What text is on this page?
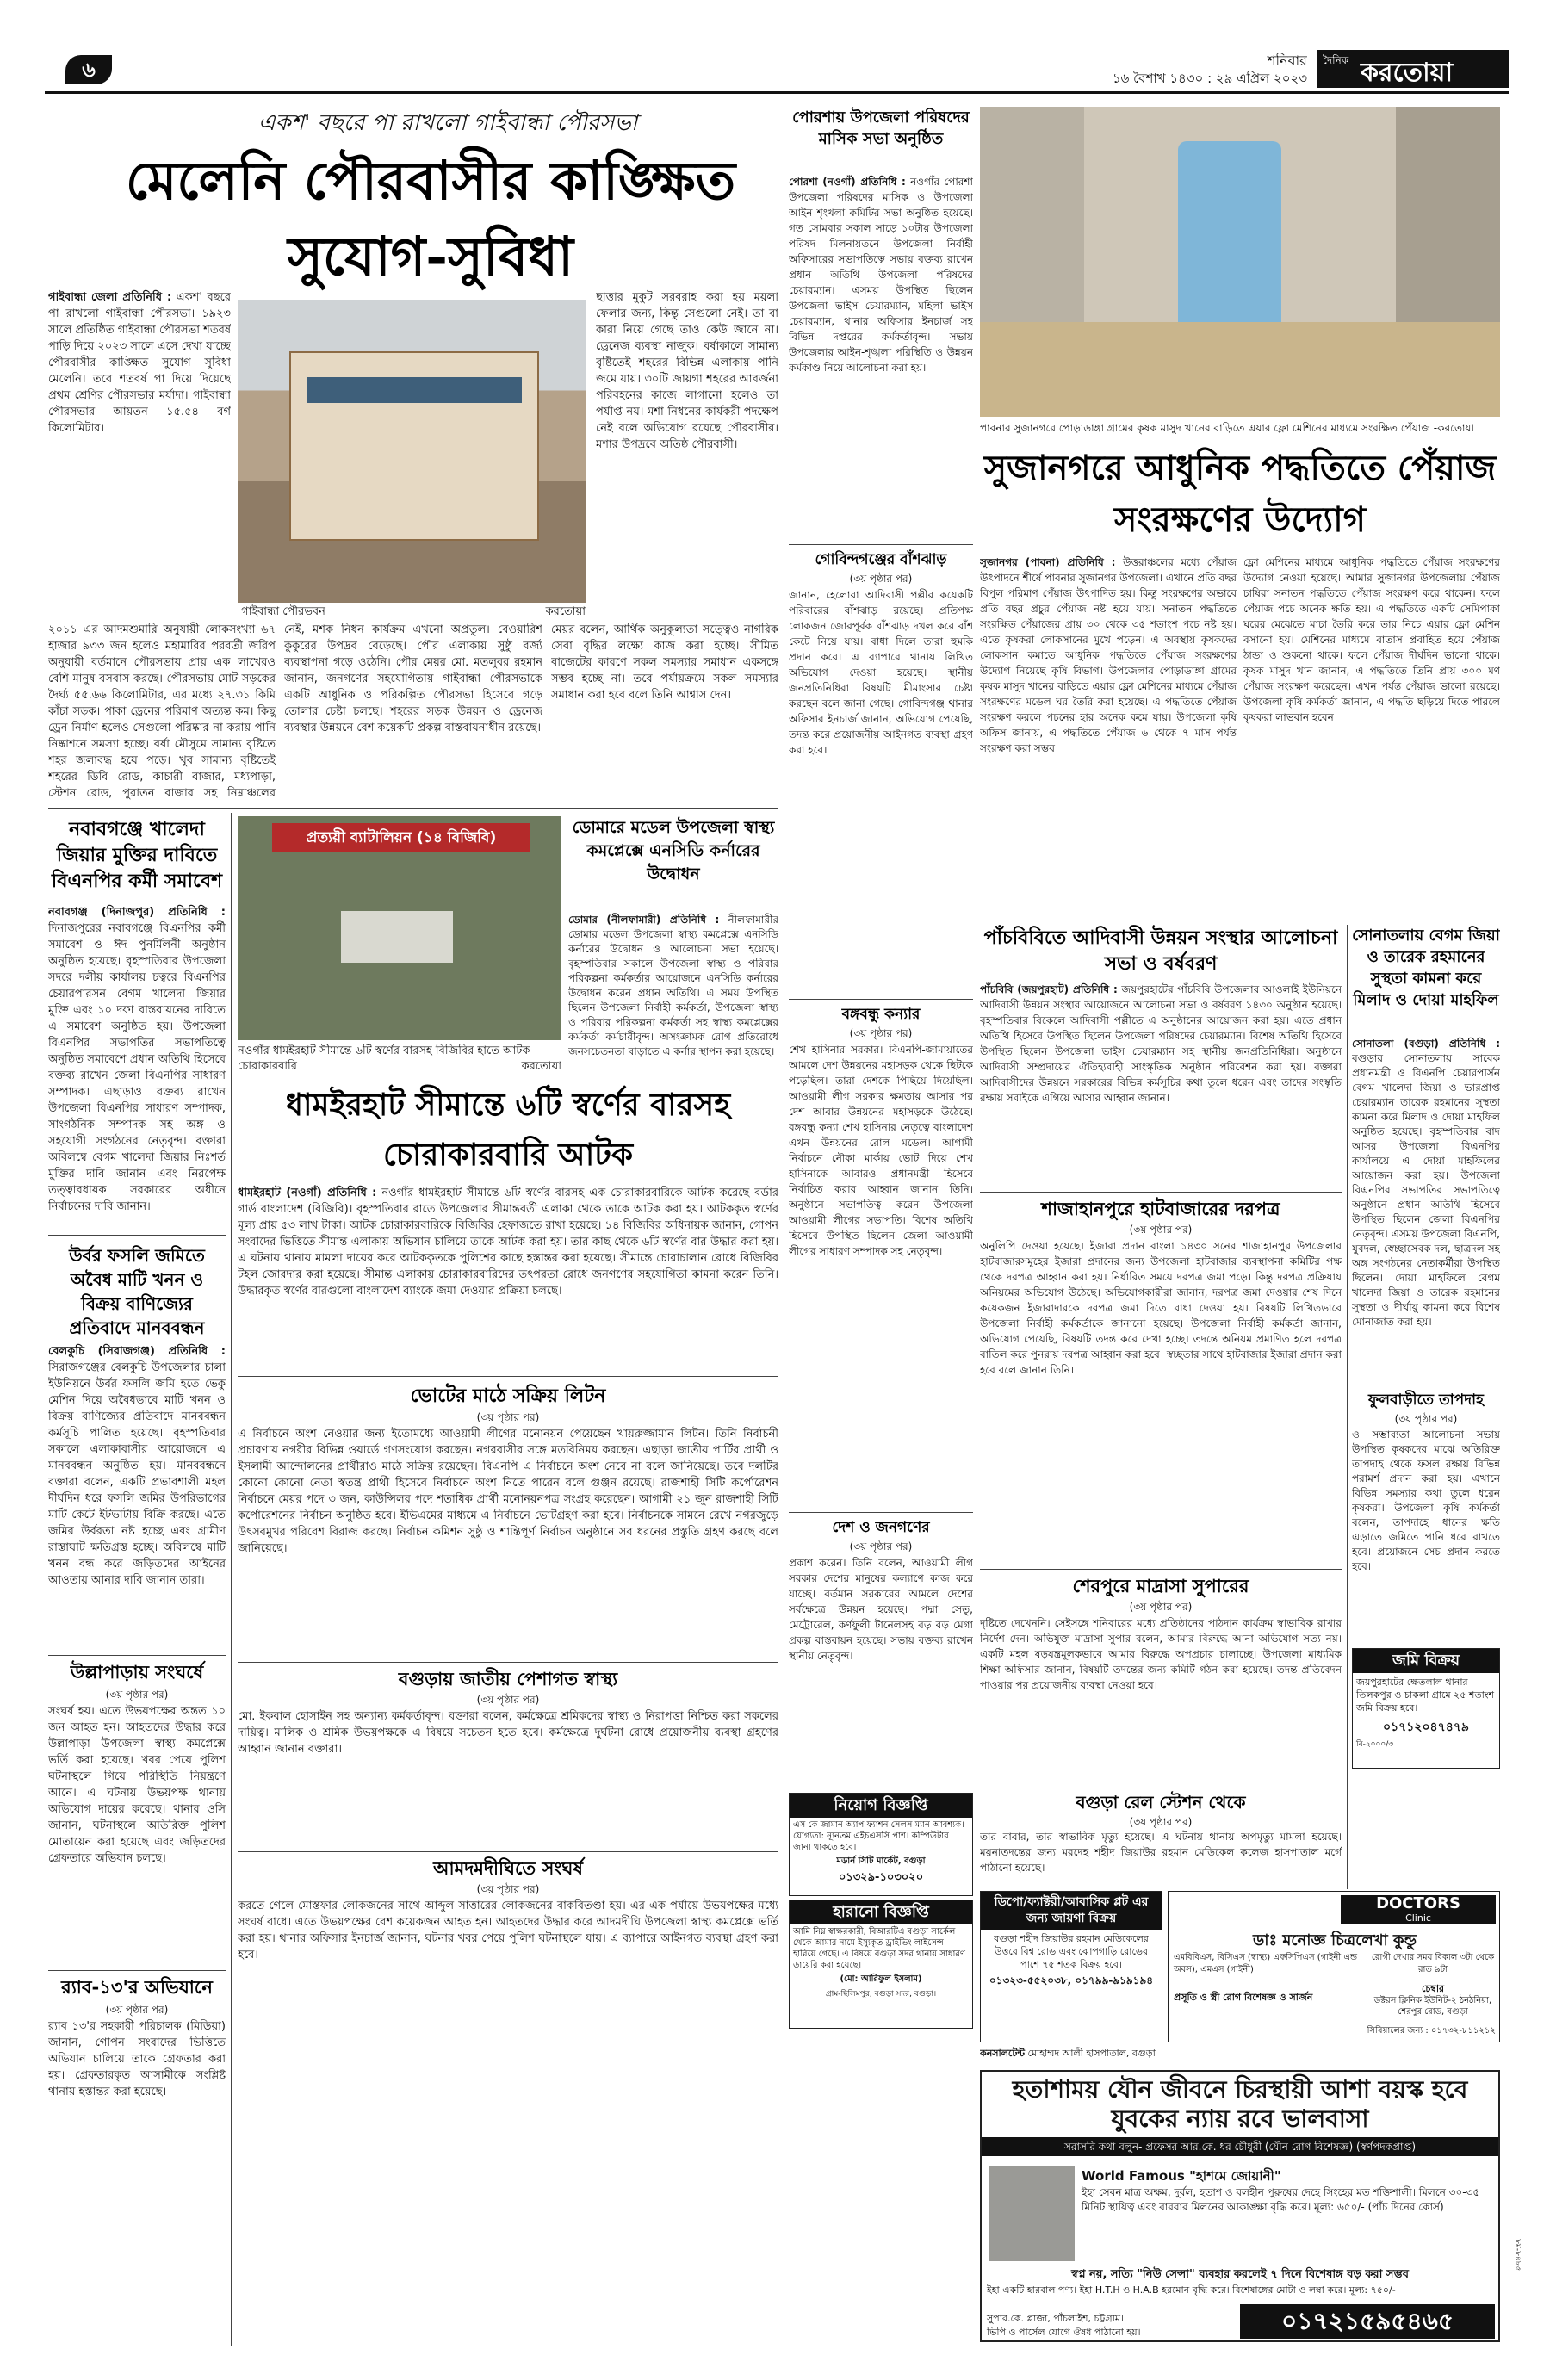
৬	শনিবার
১৬ বৈশাখ ১৪৩০ : ২৯ এপ্রিল ২০২৩
দৈনিক করতোয়া
একশ' বছরে পা রাখলো গাইবান্ধা পৌরসভা
মেলেনি পৌরবাসীর কাঙ্ক্ষিত সুযোগ-সুবিধা
গাইবান্ধা জেলা প্রতিনিধি : একশ' বছরে পা রাখলো গাইবান্ধা পৌরসভা। ১৯২৩ সালে প্রতিষ্ঠিত গাইবান্ধা পৌরসভা শতবর্ষ পাড়ি দিয়ে ২০২৩ সালে এসে দেখা যাচ্ছে পৌরবাসীর কাঙ্ক্ষিত সুযোগ সুবিধা মেলেনি। তবে শতবর্ষ পা দিয়ে দিয়েছে প্রথম শ্রেণির পৌরসভার মর্যাদা। গাইবান্ধা পৌরসভার আয়তন ১৫.৫৪ বর্গ কিলোমিটার।
গাইবান্ধা পৌরভবন	করতোয়া
ছাত্তার মুকুট সরবরাহ করা হয় ময়লা ফেলার জন্য, কিন্তু সেগুলো নেই। তা বা কারা নিয়ে গেছে তাও কেউ জানে না। ড্রেনেজ ব্যবস্থা নাজুক। বর্ষাকালে সামান্য বৃষ্টিতেই শহরের বিভিন্ন এলাকায় পানি জমে যায়। ৩০টি জায়গা শহরের আবর্জনা পরিবহনের কাজে লাগানো হলেও তা পর্যাপ্ত নয়। মশা নিধনের কার্যকরী পদক্ষেপ নেই বলে অভিযোগ রয়েছে পৌরবাসীর। মশার উপদ্রবে অতিষ্ঠ পৌরবাসী।
২০১১ এর আদমশুমারি অনুযায়ী লোকসংখ্যা ৬৭ হাজার ৯৩৩ জন হলেও মহামারির পরবর্তী জরিপ অনুযায়ী বর্তমানে পৌরসভায় প্রায় এক লাখেরও বেশি মানুষ বসবাস করছে। পৌরসভায় মোট সড়কের দৈর্ঘ্য ৫৫.৬৬ কিলোমিটার, এর মধ্যে ২৭.৩১ কিমি কাঁচা সড়ক। পাকা ড্রেনের পরিমাণ অত্যন্ত কম। কিছু ড্রেন নির্মাণ হলেও সেগুলো পরিষ্কার না করায় পানি নিষ্কাশনে সমস্যা হচ্ছে। বর্ষা মৌসুমে সামান্য বৃষ্টিতে শহর জলাবদ্ধ হয়ে পড়ে। খুব সামান্য বৃষ্টিতেই শহরের ডিবি রোড, কাচারী বাজার, মধ্যপাড়া, স্টেশন রোড, পুরাতন বাজার সহ নিম্নাঞ্চলের
নেই, মশক নিধন কার্যক্রম এখনো অপ্রতুল। বেওয়ারিশ কুকুরের উপদ্রব বেড়েছে। পৌর এলাকায় সুষ্ঠু বর্জ্য ব্যবস্থাপনা গড়ে ওঠেনি। পৌর মেয়র মো. মতলুবর রহমান জানান, জনগণের সহযোগিতায় গাইবান্ধা পৌরসভাকে একটি আধুনিক ও পরিকল্পিত পৌরসভা হিসেবে গড়ে তোলার চেষ্টা চলছে। শহরের সড়ক উন্নয়ন ও ড্রেনেজ ব্যবস্থার উন্নয়নে বেশ কয়েকটি প্রকল্প বাস্তবায়নাধীন রয়েছে।
মেয়র বলেন, আর্থিক অনুকূল্যতা সত্ত্বেও নাগরিক সেবা বৃদ্ধির লক্ষ্যে কাজ করা হচ্ছে। সীমিত বাজেটের কারণে সকল সমস্যার সমাধান একসঙ্গে সম্ভব হচ্ছে না। তবে পর্যায়ক্রমে সকল সমস্যার সমাধান করা হবে বলে তিনি আশ্বাস দেন।
নবাবগঞ্জে খালেদা জিয়ার মুক্তির দাবিতে বিএনপির কর্মী সমাবেশ
নবাবগঞ্জ (দিনাজপুর) প্রতিনিধি : দিনাজপুরের নবাবগঞ্জে বিএনপির কর্মী সমাবেশ ও ঈদ পুনর্মিলনী অনুষ্ঠান অনুষ্ঠিত হয়েছে। বৃহস্পতিবার উপজেলা সদরে দলীয় কার্যালয় চত্বরে বিএনপির চেয়ারপারসন বেগম খালেদা জিয়ার মুক্তি এবং ১০ দফা বাস্তবায়নের দাবিতে এ সমাবেশ অনুষ্ঠিত হয়। উপজেলা বিএনপির সভাপতির সভাপতিত্বে অনুষ্ঠিত সমাবেশে প্রধান অতিথি হিসেবে বক্তব্য রাখেন জেলা বিএনপির সাধারণ সম্পাদক। এছাড়াও বক্তব্য রাখেন উপজেলা বিএনপির সাধারণ সম্পাদক, সাংগঠনিক সম্পাদক সহ অঙ্গ ও সহযোগী সংগঠনের নেতৃবৃন্দ। বক্তারা অবিলম্বে বেগম খালেদা জিয়ার নিঃশর্ত মুক্তির দাবি জানান এবং নিরপেক্ষ তত্ত্বাবধায়ক সরকারের অধীনে নির্বাচনের দাবি জানান।
উর্বর ফসলি জমিতে অবৈধ মাটি খনন ও বিক্রয় বাণিজ্যের প্রতিবাদে মানববন্ধন
বেলকুচি (সিরাজগঞ্জ) প্রতিনিধি : সিরাজগঞ্জের বেলকুচি উপজেলার চালা ইউনিয়নে উর্বর ফসলি জমি হতে ভেকু মেশিন দিয়ে অবৈধভাবে মাটি খনন ও বিক্রয় বাণিজ্যের প্রতিবাদে মানববন্ধন কর্মসূচি পালিত হয়েছে। বৃহস্পতিবার সকালে এলাকাবাসীর আয়োজনে এ মানববন্ধন অনুষ্ঠিত হয়। মানববন্ধনে বক্তারা বলেন, একটি প্রভাবশালী মহল দীর্ঘদিন ধরে ফসলি জমির উপরিভাগের মাটি কেটে ইটভাটায় বিক্রি করছে। এতে জমির উর্বরতা নষ্ট হচ্ছে এবং গ্রামীণ রাস্তাঘাট ক্ষতিগ্রস্ত হচ্ছে। অবিলম্বে মাটি খনন বন্ধ করে জড়িতদের আইনের আওতায় আনার দাবি জানান তারা।
উল্লাপাড়ায় সংঘর্ষে
(৩য় পৃষ্ঠার পর)
সংঘর্ষ হয়। এতে উভয়পক্ষের অন্তত ১০ জন আহত হন। আহতদের উদ্ধার করে উল্লাপাড়া উপজেলা স্বাস্থ্য কমপ্লেক্সে ভর্তি করা হয়েছে। খবর পেয়ে পুলিশ ঘটনাস্থলে গিয়ে পরিস্থিতি নিয়ন্ত্রণে আনে। এ ঘটনায় উভয়পক্ষ থানায় অভিযোগ দায়ের করেছে। থানার ওসি জানান, ঘটনাস্থলে অতিরিক্ত পুলিশ মোতায়েন করা হয়েছে এবং জড়িতদের গ্রেফতারে অভিযান চলছে।
র‌্যাব-১৩'র অভিযানে
(৩য় পৃষ্ঠার পর)
র‌্যাব ১৩'র সহকারী পরিচালক (মিডিয়া) জানান, গোপন সংবাদের ভিত্তিতে অভিযান চালিয়ে তাকে গ্রেফতার করা হয়। গ্রেফতারকৃত আসামীকে সংশ্লিষ্ট থানায় হস্তান্তর করা হয়েছে।
প্রত্যয়ী ব্যাটালিয়ন (১৪ বিজিবি)
নওগাঁর ধামইরহাট সীমান্তে ৬টি স্বর্ণের বারসহ বিজিবির হাতে আটক চোরাকারবারি	করতোয়া
ধামইরহাট সীমান্তে ৬টি স্বর্ণের বারসহ চোরাকারবারি আটক
ধামইরহাট (নওগাঁ) প্রতিনিধি : নওগাঁর ধামইরহাট সীমান্তে ৬টি স্বর্ণের বারসহ এক চোরাকারবারিকে আটক করেছে বর্ডার গার্ড বাংলাদেশ (বিজিবি)। বৃহস্পতিবার রাতে উপজেলার সীমান্তবর্তী এলাকা থেকে তাকে আটক করা হয়। আটককৃত স্বর্ণের মূল্য প্রায় ৫৩ লাখ টাকা। আটক চোরাকারবারিকে বিজিবির হেফাজতে রাখা হয়েছে। ১৪ বিজিবির অধিনায়ক জানান, গোপন সংবাদের ভিত্তিতে সীমান্ত এলাকায় অভিযান চালিয়ে তাকে আটক করা হয়। তার কাছ থেকে ৬টি স্বর্ণের বার উদ্ধার করা হয়। এ ঘটনায় থানায় মামলা দায়ের করে আটককৃতকে পুলিশের কাছে হস্তান্তর করা হয়েছে। সীমান্তে চোরাচালান রোধে বিজিবির টহল জোরদার করা হয়েছে। সীমান্ত এলাকায় চোরাকারবারিদের তৎপরতা রোধে জনগণের সহযোগিতা কামনা করেন তিনি। উদ্ধারকৃত স্বর্ণের বারগুলো বাংলাদেশ ব্যাংকে জমা দেওয়ার প্রক্রিয়া চলছে।
ডোমারে মডেল উপজেলা স্বাস্থ্য কমপ্লেক্সে এনসিডি কর্নারের উদ্বোধন
ডোমার (নীলফামারী) প্রতিনিধি : নীলফামারীর ডোমার মডেল উপজেলা স্বাস্থ্য কমপ্লেক্সে এনসিডি কর্নারের উদ্বোধন ও আলোচনা সভা হয়েছে। বৃহস্পতিবার সকালে উপজেলা স্বাস্থ্য ও পরিবার পরিকল্পনা কর্মকর্তার আয়োজনে এনসিডি কর্নারের উদ্বোধন করেন প্রধান অতিথি। এ সময় উপস্থিত ছিলেন উপজেলা নির্বাহী কর্মকর্তা, উপজেলা স্বাস্থ্য ও পরিবার পরিকল্পনা কর্মকর্তা সহ স্বাস্থ্য কমপ্লেক্সের কর্মকর্তা কর্মচারীবৃন্দ। অসংক্রামক রোগ প্রতিরোধে জনসচেতনতা বাড়াতে এ কর্নার স্থাপন করা হয়েছে।
ভোটের মাঠে সক্রিয় লিটন
(৩য় পৃষ্ঠার পর)
এ নির্বাচনে অংশ নেওয়ার জন্য ইতোমধ্যে আওয়ামী লীগের মনোনয়ন পেয়েছেন খায়রুজ্জামান লিটন। তিনি নির্বাচনী প্রচারণায় নগরীর বিভিন্ন ওয়ার্ডে গণসংযোগ করছেন। নগরবাসীর সঙ্গে মতবিনিময় করছেন। এছাড়া জাতীয় পার্টির প্রার্থী ও ইসলামী আন্দোলনের প্রার্থীরাও মাঠে সক্রিয় রয়েছেন। বিএনপি এ নির্বাচনে অংশ নেবে না বলে জানিয়েছে। তবে দলটির কোনো কোনো নেতা স্বতন্ত্র প্রার্থী হিসেবে নির্বাচনে অংশ নিতে পারেন বলে গুঞ্জন রয়েছে। রাজশাহী সিটি কর্পোরেশন নির্বাচনে মেয়র পদে ৩ জন, কাউন্সিলর পদে শতাধিক প্রার্থী মনোনয়নপত্র সংগ্রহ করেছেন। আগামী ২১ জুন রাজশাহী সিটি কর্পোরেশনের নির্বাচন অনুষ্ঠিত হবে। ইভিএমের মাধ্যমে এ নির্বাচনে ভোটগ্রহণ করা হবে। নির্বাচনকে সামনে রেখে নগরজুড়ে উৎসবমুখর পরিবেশ বিরাজ করছে। নির্বাচন কমিশন সুষ্ঠু ও শান্তিপূর্ণ নির্বাচন অনুষ্ঠানে সব ধরনের প্রস্তুতি গ্রহণ করছে বলে জানিয়েছে।
বগুড়ায় জাতীয় পেশাগত স্বাস্থ্য
(৩য় পৃষ্ঠার পর)
মো. ইকবাল হোসাইন সহ অন্যান্য কর্মকর্তাবৃন্দ। বক্তারা বলেন, কর্মক্ষেত্রে শ্রমিকদের স্বাস্থ্য ও নিরাপত্তা নিশ্চিত করা সকলের দায়িত্ব। মালিক ও শ্রমিক উভয়পক্ষকে এ বিষয়ে সচেতন হতে হবে। কর্মক্ষেত্রে দুর্ঘটনা রোধে প্রয়োজনীয় ব্যবস্থা গ্রহণের আহ্বান জানান বক্তারা।
আমদমদীঘিতে সংঘর্ষ
(৩য় পৃষ্ঠার পর)
করতে গেলে মোস্তফার লোকজনের সাথে আব্দুল সাত্তারের লোকজনের বাকবিতণ্ডা হয়। এর এক পর্যায়ে উভয়পক্ষের মধ্যে সংঘর্ষ বাধে। এতে উভয়পক্ষের বেশ কয়েকজন আহত হন। আহতদের উদ্ধার করে আদমদীঘি উপজেলা স্বাস্থ্য কমপ্লেক্সে ভর্তি করা হয়। থানার অফিসার ইনচার্জ জানান, ঘটনার খবর পেয়ে পুলিশ ঘটনাস্থলে যায়। এ ব্যাপারে আইনগত ব্যবস্থা গ্রহণ করা হবে।
পোরশায় উপজেলা পরিষদের মাসিক সভা অনুষ্ঠিত
পোরশা (নওগাঁ) প্রতিনিধি : নওগাঁর পোরশা উপজেলা পরিষদের মাসিক ও উপজেলা আইন শৃংখলা কমিটির সভা অনুষ্ঠিত হয়েছে। গত সোমবার সকাল সাড়ে ১০টায় উপজেলা পরিষদ মিলনায়তনে উপজেলা নির্বাহী অফিসারের সভাপতিত্বে সভায় বক্তব্য রাখেন প্রধান অতিথি উপজেলা পরিষদের চেয়ারম্যান। এসময় উপস্থিত ছিলেন উপজেলা ভাইস চেয়ারম্যান, মহিলা ভাইস চেয়ারম্যান, থানার অফিসার ইনচার্জ সহ বিভিন্ন দপ্তরের কর্মকর্তাবৃন্দ। সভায় উপজেলার আইন-শৃঙ্খলা পরিস্থিতি ও উন্নয়ন কর্মকাণ্ড নিয়ে আলোচনা করা হয়।
গোবিন্দগঞ্জের বাঁশঝাড়
(৩য় পৃষ্ঠার পর)
জানান, হেলোরা আদিবাসী পল্লীর কয়েকটি পরিবারের বাঁশঝাড় রয়েছে। প্রতিপক্ষ লোকজন জোরপূর্বক বাঁশঝাড় দখল করে বাঁশ কেটে নিয়ে যায়। বাধা দিলে তারা হুমকি প্রদান করে। এ ব্যাপারে থানায় লিখিত অভিযোগ দেওয়া হয়েছে। স্থানীয় জনপ্রতিনিধিরা বিষয়টি মীমাংসার চেষ্টা করছেন বলে জানা গেছে। গোবিন্দগঞ্জ থানার অফিসার ইনচার্জ জানান, অভিযোগ পেয়েছি, তদন্ত করে প্রয়োজনীয় আইনগত ব্যবস্থা গ্রহণ করা হবে।
বঙ্গবন্ধু কন্যার
(৩য় পৃষ্ঠার পর)
শেখ হাসিনার সরকার। বিএনপি-জামায়াতের আমলে দেশ উন্নয়নের মহাসড়ক থেকে ছিটকে পড়েছিল। তারা দেশকে পিছিয়ে দিয়েছিল। আওয়ামী লীগ সরকার ক্ষমতায় আসার পর দেশ আবার উন্নয়নের মহাসড়কে উঠেছে। বঙ্গবন্ধু কন্যা শেখ হাসিনার নেতৃত্বে বাংলাদেশ এখন উন্নয়নের রোল মডেল। আগামী নির্বাচনে নৌকা মার্কায় ভোট দিয়ে শেখ হাসিনাকে আবারও প্রধানমন্ত্রী হিসেবে নির্বাচিত করার আহ্বান জানান তিনি। অনুষ্ঠানে সভাপতিত্ব করেন উপজেলা আওয়ামী লীগের সভাপতি। বিশেষ অতিথি হিসেবে উপস্থিত ছিলেন জেলা আওয়ামী লীগের সাধারণ সম্পাদক সহ নেতৃবৃন্দ।
দেশ ও জনগণের
(৩য় পৃষ্ঠার পর)
প্রকাশ করেন। তিনি বলেন, আওয়ামী লীগ সরকার দেশের মানুষের কল্যাণে কাজ করে যাচ্ছে। বর্তমান সরকারের আমলে দেশের সর্বক্ষেত্রে উন্নয়ন হয়েছে। পদ্মা সেতু, মেট্রোরেল, কর্ণফুলী টানেলসহ বড় বড় মেগা প্রকল্প বাস্তবায়ন হয়েছে। সভায় বক্তব্য রাখেন স্থানীয় নেতৃবৃন্দ।
পাবনার সুজানগরে পোড়াডাঙ্গা গ্রামের কৃষক মাসুদ খানের বাড়িতে এয়ার ফ্লো মেশিনের মাধ্যমে সংরক্ষিত পেঁয়াজ -করতোয়া
সুজানগরে আধুনিক পদ্ধতিতে পেঁয়াজ সংরক্ষণের উদ্যোগ
সুজানগর (পাবনা) প্রতিনিধি : উত্তরাঞ্চলের মধ্যে পেঁয়াজ উৎপাদনে শীর্ষে পাবনার সুজানগর উপজেলা। এখানে প্রতি বছর বিপুল পরিমাণ পেঁয়াজ উৎপাদিত হয়। কিন্তু সংরক্ষণের অভাবে প্রতি বছর প্রচুর পেঁয়াজ নষ্ট হয়ে যায়। সনাতন পদ্ধতিতে সংরক্ষিত পেঁয়াজের প্রায় ৩০ থেকে ৩৫ শতাংশ পচে নষ্ট হয়। এতে কৃষকরা লোকসানের মুখে পড়েন। এ অবস্থায় কৃষকদের লোকসান কমাতে আধুনিক পদ্ধতিতে পেঁয়াজ সংরক্ষণের উদ্যোগ নিয়েছে কৃষি বিভাগ। উপজেলার পোড়াডাঙ্গা গ্রামের কৃষক মাসুদ খানের বাড়িতে এয়ার ফ্লো মেশিনের মাধ্যমে পেঁয়াজ সংরক্ষণের মডেল ঘর তৈরি করা হয়েছে। এ পদ্ধতিতে পেঁয়াজ সংরক্ষণ করলে পচনের হার অনেক কমে যায়। উপজেলা কৃষি অফিস জানায়, এ পদ্ধতিতে পেঁয়াজ ৬ থেকে ৭ মাস পর্যন্ত সংরক্ষণ করা সম্ভব।
ফ্লো মেশিনের মাধ্যমে আধুনিক পদ্ধতিতে পেঁয়াজ সংরক্ষণের উদ্যোগ নেওয়া হয়েছে। আমার সুজানগর উপজেলায় পেঁয়াজ চাষিরা সনাতন পদ্ধতিতে পেঁয়াজ সংরক্ষণ করে থাকেন। ফলে পেঁয়াজ পচে অনেক ক্ষতি হয়। এ পদ্ধতিতে একটি সেমিপাকা ঘরের মেঝেতে মাচা তৈরি করে তার নিচে এয়ার ফ্লো মেশিন বসানো হয়। মেশিনের মাধ্যমে বাতাস প্রবাহিত হয়ে পেঁয়াজ ঠান্ডা ও শুকনো থাকে। ফলে পেঁয়াজ দীর্ঘদিন ভালো থাকে। কৃষক মাসুদ খান জানান, এ পদ্ধতিতে তিনি প্রায় ৩০০ মণ পেঁয়াজ সংরক্ষণ করেছেন। এখন পর্যন্ত পেঁয়াজ ভালো রয়েছে। উপজেলা কৃষি কর্মকর্তা জানান, এ পদ্ধতি ছড়িয়ে দিতে পারলে কৃষকরা লাভবান হবেন।
পাঁচবিবিতে আদিবাসী উন্নয়ন সংস্থার আলোচনা সভা ও বর্ষবরণ
পাঁচবিবি (জয়পুরহাট) প্রতিনিধি : জয়পুরহাটের পাঁচবিবি উপজেলার আওলাই ইউনিয়নে আদিবাসী উন্নয়ন সংস্থার আয়োজনে আলোচনা সভা ও বর্ষবরণ ১৪৩০ অনুষ্ঠান হয়েছে। বৃহস্পতিবার বিকেলে আদিবাসী পল্লীতে এ অনুষ্ঠানের আয়োজন করা হয়। এতে প্রধান অতিথি হিসেবে উপস্থিত ছিলেন উপজেলা পরিষদের চেয়ারম্যান। বিশেষ অতিথি হিসেবে উপস্থিত ছিলেন উপজেলা ভাইস চেয়ারম্যান সহ স্থানীয় জনপ্রতিনিধিরা। অনুষ্ঠানে আদিবাসী সম্প্রদায়ের ঐতিহ্যবাহী সাংস্কৃতিক অনুষ্ঠান পরিবেশন করা হয়। বক্তারা আদিবাসীদের উন্নয়নে সরকারের বিভিন্ন কর্মসূচির কথা তুলে ধরেন এবং তাদের সংস্কৃতি রক্ষায় সবাইকে এগিয়ে আসার আহ্বান জানান।
শাজাহানপুরে হাটবাজারের দরপত্র
(৩য় পৃষ্ঠার পর)
অনুলিপি দেওয়া হয়েছে। ইজারা প্রদান বাংলা ১৪৩০ সনের শাজাহানপুর উপজেলার হাটবাজারসমূহের ইজারা প্রদানের জন্য উপজেলা হাটবাজার ব্যবস্থাপনা কমিটির পক্ষ থেকে দরপত্র আহ্বান করা হয়। নির্ধারিত সময়ে দরপত্র জমা পড়ে। কিন্তু দরপত্র প্রক্রিয়ায় অনিয়মের অভিযোগ উঠেছে। অভিযোগকারীরা জানান, দরপত্র জমা দেওয়ার শেষ দিনে কয়েকজন ইজারাদারকে দরপত্র জমা দিতে বাধা দেওয়া হয়। বিষয়টি লিখিতভাবে উপজেলা নির্বাহী কর্মকর্তাকে জানানো হয়েছে। উপজেলা নির্বাহী কর্মকর্তা জানান, অভিযোগ পেয়েছি, বিষয়টি তদন্ত করে দেখা হচ্ছে। তদন্তে অনিয়ম প্রমাণিত হলে দরপত্র বাতিল করে পুনরায় দরপত্র আহ্বান করা হবে। স্বচ্ছতার সাথে হাটবাজার ইজারা প্রদান করা হবে বলে জানান তিনি।
শেরপুরে মাদ্রাসা সুপারের
(৩য় পৃষ্ঠার পর)
দৃষ্টিতে দেখেননি। সেইসঙ্গে শনিবারের মধ্যে প্রতিষ্ঠানের পাঠদান কার্যক্রম স্বাভাবিক রাখার নির্দেশ দেন। অভিযুক্ত মাদ্রাসা সুপার বলেন, আমার বিরুদ্ধে আনা অভিযোগ সত্য নয়। একটি মহল ষড়যন্ত্রমূলকভাবে আমার বিরুদ্ধে অপপ্রচার চালাচ্ছে। উপজেলা মাধ্যমিক শিক্ষা অফিসার জানান, বিষয়টি তদন্তের জন্য কমিটি গঠন করা হয়েছে। তদন্ত প্রতিবেদন পাওয়ার পর প্রয়োজনীয় ব্যবস্থা নেওয়া হবে।
বগুড়া রেল স্টেশন থেকে
(৩য় পৃষ্ঠার পর)
তার বাবার, তার স্বাভাবিক মৃত্যু হয়েছে। এ ঘটনায় থানায় অপমৃত্যু মামলা হয়েছে। ময়নাতদন্তের জন্য মরদেহ শহীদ জিয়াউর রহমান মেডিকেল কলেজ হাসপাতাল মর্গে পাঠানো হয়েছে।
সোনাতলায় বেগম জিয়া ও তারেক রহমানের সুস্থতা কামনা করে মিলাদ ও দোয়া মাহফিল
সোনাতলা (বগুড়া) প্রতিনিধি : বগুড়ার সোনাতলায় সাবেক প্রধানমন্ত্রী ও বিএনপি চেয়ারপার্সন বেগম খালেদা জিয়া ও ভারপ্রাপ্ত চেয়ারম্যান তারেক রহমানের সুস্থতা কামনা করে মিলাদ ও দোয়া মাহফিল অনুষ্ঠিত হয়েছে। বৃহস্পতিবার বাদ আসর উপজেলা বিএনপির কার্যালয়ে এ দোয়া মাহফিলের আয়োজন করা হয়। উপজেলা বিএনপির সভাপতির সভাপতিত্বে অনুষ্ঠানে প্রধান অতিথি হিসেবে উপস্থিত ছিলেন জেলা বিএনপির নেতৃবৃন্দ। এসময় উপজেলা বিএনপি, যুবদল, স্বেচ্ছাসেবক দল, ছাত্রদল সহ অঙ্গ সংগঠনের নেতাকর্মীরা উপস্থিত ছিলেন। দোয়া মাহফিলে বেগম খালেদা জিয়া ও তারেক রহমানের সুস্থতা ও দীর্ঘায়ু কামনা করে বিশেষ মোনাজাত করা হয়।
ফুলবাড়ীতে তাপদাহ
(৩য় পৃষ্ঠার পর)
ও সম্ভাব্যতা আলোচনা সভায় উপস্থিত কৃষকদের মাঝে অতিরিক্ত তাপদাহ থেকে ফসল রক্ষায় বিভিন্ন পরামর্শ প্রদান করা হয়। এখানে বিভিন্ন সমস্যার কথা তুলে ধরেন কৃষকরা। উপজেলা কৃষি কর্মকর্তা বলেন, তাপদাহে ধানের ক্ষতি এড়াতে জমিতে পানি ধরে রাখতে হবে। প্রয়োজনে সেচ প্রদান করতে হবে।
জমি বিক্রয়
জয়পুরহাটের ক্ষেতলাল থানার তিলকপুর ও চাকলা গ্রামে ২৫ শতাংশ জমি বিক্রয় হবে।
০১৭১২০৪৭৪৭৯
বি-২০০০/৩
নিয়োগ বিজ্ঞপ্তি
এস কে জামান অ্যাপ ফ্যাশন সেলস ম্যান আবশ্যক। যোগ্যতা: ন্যূনতম এইচএসসি পাশ। কম্পিউটার জানা থাকতে হবে।
মডার্ন সিটি মার্কেট, বগুড়া
০১৩২৯-১০৩০২০
হারানো বিজ্ঞপ্তি
আমি নিম্ন স্বাক্ষরকারী, বিআরটিএ বগুড়া সার্কেল থেকে আমার নামে ইস্যুকৃত ড্রাইভিং লাইসেন্স হারিয়ে গেছে। এ বিষয়ে বগুড়া সদর থানায় সাধারণ ডায়েরি করা হয়েছে।
(মো: আরিফুল ইসলাম)
গ্রাম-ছিলিমপুর, বগুড়া সদর, বগুড়া।
ডিপো/ফ্যাক্টরী/আবাসিক প্লট এর জন্য জায়গা বিক্রয়
বগুড়া শহীদ জিয়াউর রহমান মেডিকেলের উত্তরে বিশ্ব রোড এবং ঝোপগাড়ি রোডের পাশে ৭৫ শতক বিক্রয় হবে।
০১৩২৩-৫৫২০৩৮, ০১৭৯৯-৯১৯১৯৪
DOCTORS
Clinic
ডাঃ মনোজ্ঞ চিত্রলেখা কুন্ডু
এমবিবিএস, বিসিএস (স্বাস্থ্য) এফসিপিএস (গাইনী এন্ড অবস), এমএস (গাইনী)
প্রসূতি ও স্ত্রী রোগ বিশেষজ্ঞ ও সার্জন
রোগী দেখার সময় বিকাল ৩টা থেকে রাত ৯টা
চেম্বার
ডক্টরস ক্লিনিক ইউনিট-২ ঠনঠনিয়া, শেরপুর রোড, বগুড়া
সিরিয়ালের জন্য : ০১৭৩২-৮১১২১২
কনসালটেন্ট মোহাম্মদ আলী হাসপাতাল, বগুড়া
হতাশাময় যৌন জীবনে চিরস্থায়ী আশা বয়স্ক হবে যুবকের ন্যায় রবে ভালবাসা
সরাসরি কথা বলুন- প্রফেসর আর.কে. ধর চৌধুরী (যৌন রোগ বিশেষজ্ঞ) (স্বর্ণপদকপ্রাপ্ত)
World Famous "হাশমে জোয়ানী"
ইহা সেবন মাত্র অক্ষম, দুর্বল, হতাশ ও বলহীন পুরুষের দেহে সিংহের মত শক্তিশালী। মিলনে ৩০-৩৫ মিনিট স্থায়িত্ব এবং বারবার মিলনের আকাঙ্ক্ষা বৃদ্ধি করে। মূল্য: ৬৫০/- (পাঁচ দিনের কোর্স)
স্বপ্ন নয়, সত্যি "নিউ সেন্সা" ব্যবহার করলেই ৭ দিনে বিশেষাঙ্গ বড় করা সম্ভব
ইহা একটি হারবাল পণ্য। ইহা H.T.H ও H.A.B হরমোন বৃদ্ধি করে। বিশেষাঙ্গের মোটা ও লম্বা করে। মূল্য: ৭৫০/-
সুপার.কে. প্লাজা, পাঁচলাইশ, চট্টগ্রাম।
ভিপি ও পার্সেল যোগে ঔষধ পাঠানো হয়।	০১৭২১৫৯৫৪৬৫
৮ম-৮৪৮৫
